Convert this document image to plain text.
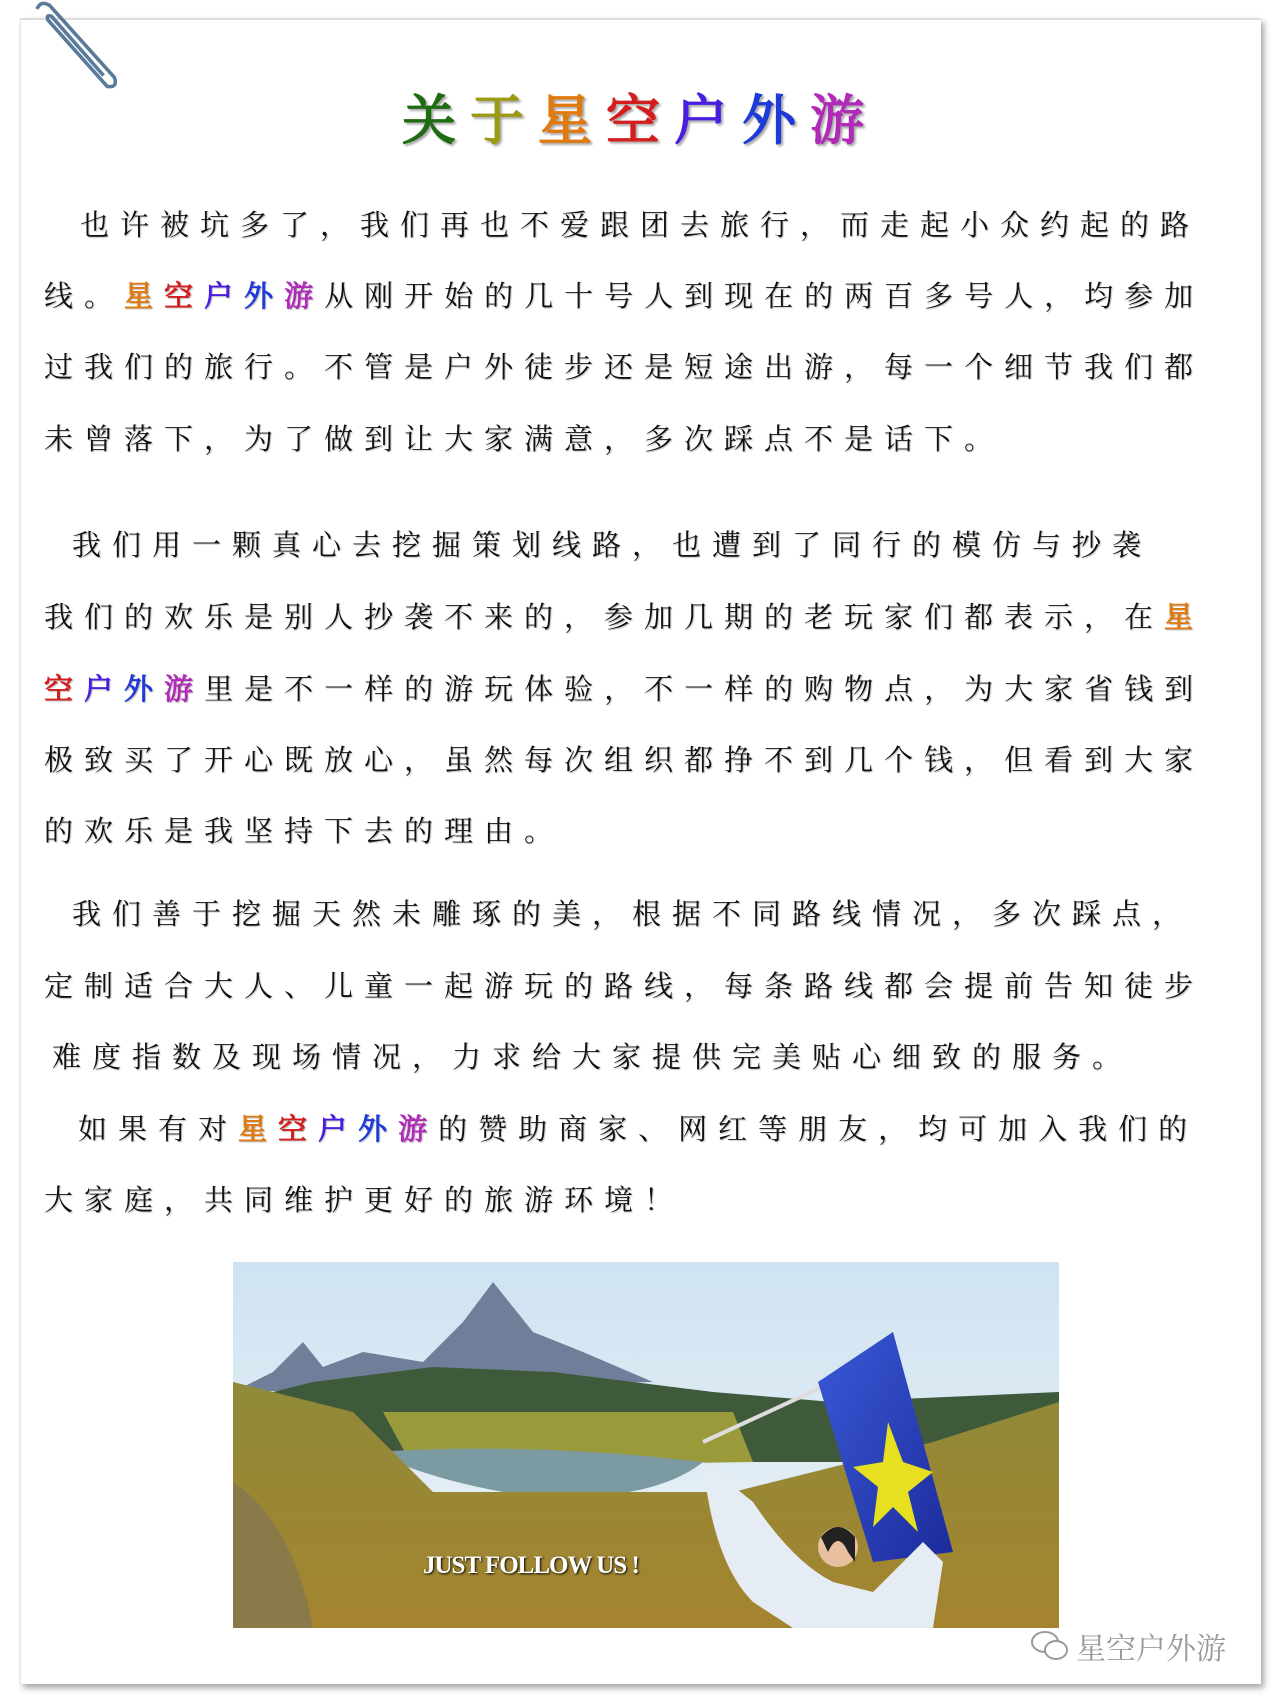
关于星空户外游
也许被坑多了，我们再也不爱跟团去旅行，而走起小众约起的路
线。星空户外游从刚开始的几十号人到现在的两百多号人，均参加
过我们的旅行。不管是户外徒步还是短途出游，每一个细节我们都
未曾落下，为了做到让大家满意，多次踩点不是话下。
我们用一颗真心去挖掘策划线路，也遭到了同行的模仿与抄袭
我们的欢乐是别人抄袭不来的，参加几期的老玩家们都表示，在星
空户外游里是不一样的游玩体验，不一样的购物点，为大家省钱到
极致买了开心既放心，虽然每次组织都挣不到几个钱，但看到大家
的欢乐是我坚持下去的理由。
我们善于挖掘天然未雕琢的美，根据不同路线情况，多次踩点，
定制适合大人、儿童一起游玩的路线，每条路线都会提前告知徒步
难度指数及现场情况，力求给大家提供完美贴心细致的服务。
如果有对星空户外游的赞助商家、网红等朋友，均可加入我们的
大家庭，共同维护更好的旅游环境！
JUST FOLLOW US !
星空户外游
